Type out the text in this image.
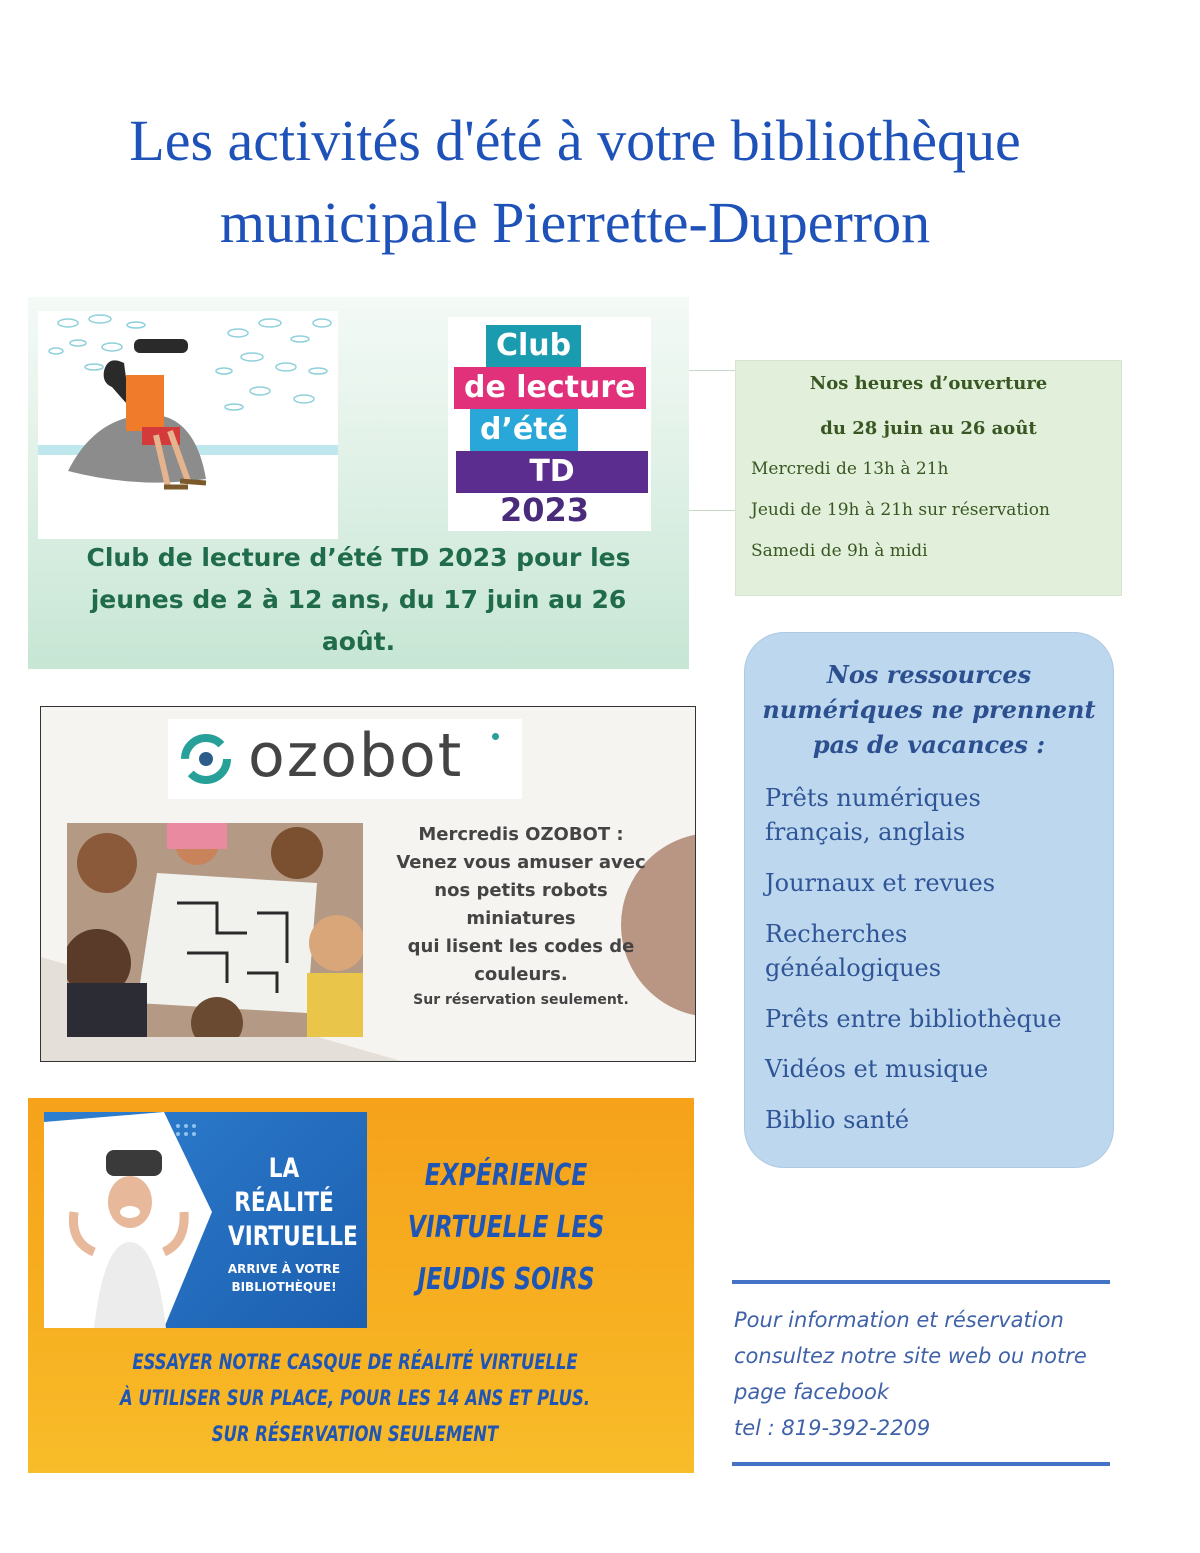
Les activités d'été à votre bibliothèque
municipale Pierrette-Duperron
Club
de lecture
d’été
TD
2023
Club de lecture d’été TD 2023 pour les
jeunes de 2 à 12 ans, du 17 juin au 26
août.
Nos heures d’ouverture
du 28 juin au 26 août
Mercredi de 13h à 21h
Jeudi de 19h à 21h sur réservation
Samedi de 9h à midi
ozobot
Mercredis OZOBOT :
Venez vous amuser avec
nos petits robots
miniatures
qui lisent les codes de
couleurs.
Sur réservation seulement.
LA RÉALITÉ
VIRTUELLE
ARRIVE À VOTRE
BIBLIOTHÈQUE!
EXPÉRIENCE
VIRTUELLE LES
JEUDIS SOIRS
ESSAYER NOTRE CASQUE DE RÉALITÉ VIRTUELLE
À UTILISER SUR PLACE, POUR LES 14 ANS ET PLUS.
SUR RÉSERVATION SEULEMENT
Nos ressources
numériques ne prennent
pas de vacances :
Prêts numériques
français, anglais
Journaux et revues
Recherches
généalogiques
Prêts entre bibliothèque
Vidéos et musique
Biblio santé
Pour information et réservation
consultez notre site web ou notre
page facebook
tel : 819-392-2209
